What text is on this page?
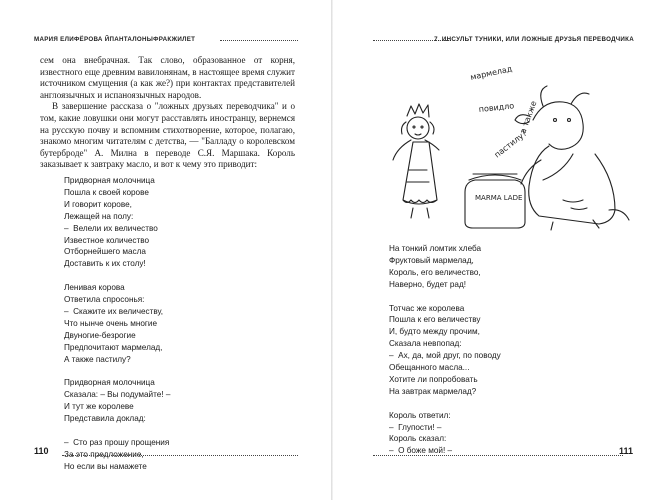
МАРИЯ ЕЛИФЁРОВА ЙПАНТАЛОНЫФРАКЖИЛЕТ

сем она внебрачная. Так слово, образованное от корня, известного еще древним вавилонянам, в настоящее время служит источником смущения (а как же?) при контактах представителей англоязычных и испаноязычных народов.

В завершение рассказа о "ложных друзьях переводчика" и о том, какие ловушки они могут расставлять иностранцу, вернемся на русскую почву и вспомним стихотворение, которое, полагаю, знакомо многим читателям с детства, — "Балладу о королевском бутерброде" А. Милна в переводе С.Я. Маршака. Король заказывает к завтраку масло, и вот к чему это приводит:

Придворная молочница
Пошла к своей корове
И говорит корове,
Лежащей на полу:
–  Велели их величество
Известное количество
Отборнейшего масла
Доставить к их столу!
Ленивая корова
Ответила спросонья:
–  Скажите их величеству,
Что нынче очень многие
Двуногие-безрогие
Предпочитают мармелад,
А также пастилу?
Придворная молочница
Сказала: – Вы подумайте! –
И тут же королеве
Представила доклад:
–  Сто раз прошу прощения
За это предложение,
Но если вы намажете
110
7. ИНСУЛЬТ ТУНИКИ, ИЛИ ЛОЖНЫЕ ДРУЗЬЯ ПЕРЕВОДЧИКА
мармелад
повидло а также
пастилу?
MARMA LADE
На тонкий ломтик хлеба
Фруктовый мармелад,
Король, его величество,
Наверно, будет рад!
Тотчас же королева
Пошла к его величеству
И, будто между прочим,
Сказала невпопад:
–  Ах, да, мой друг, по поводу
Обещанного масла...
Хотите ли попробовать
На завтрак мармелад?
Король ответил:
–  Глупости! –
Король сказал:
–  О боже мой! –	111
